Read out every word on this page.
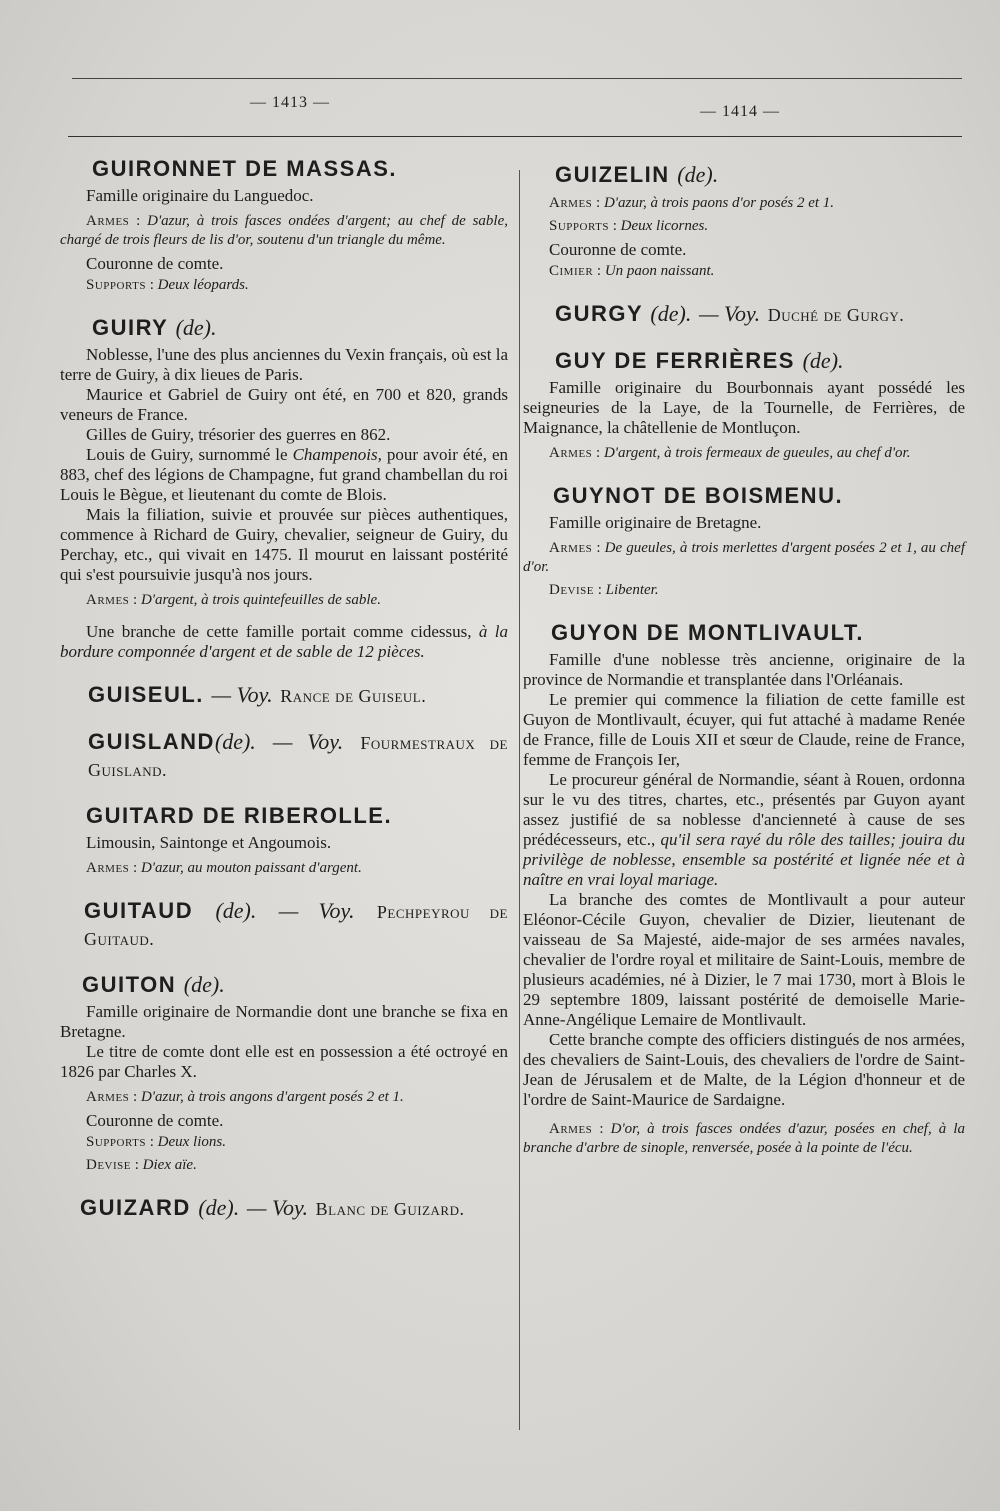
— 1413 —
— 1414 —
GUIRONNET DE MASSAS.

Famille originaire du Languedoc.

Armes : D'azur, à trois fasces ondées d'argent; au chef de sable, chargé de trois fleurs de lis d'or, soutenu d'un triangle du même.

Couronne de comte.

Supports : Deux léopards.

GUIRY (de).

Noblesse, l'une des plus anciennes du Vexin français, où est la terre de Guiry, à dix lieues de Paris.

Maurice et Gabriel de Guiry ont été, en 700 et 820, grands veneurs de France.

Gilles de Guiry, trésorier des guerres en 862.

Louis de Guiry, surnommé le Champenois, pour avoir été, en 883, chef des légions de Champagne, fut grand chambellan du roi Louis le Bègue, et lieutenant du comte de Blois.

Mais la filiation, suivie et prouvée sur pièces authentiques, commence à Richard de Guiry, chevalier, seigneur de Guiry, du Perchay, etc., qui vivait en 1475. Il mourut en laissant postérité qui s'est poursuivie jusqu'à nos jours.

Armes : D'argent, à trois quintefeuilles de sable.

Une branche de cette famille portait comme cidessus, à la bordure componnée d'argent et de sable de 12 pièces.

GUISEUL. — Voy. Rance de Guiseul.
GUISLAND(de). — Voy. Fourmestraux de Guisland.
GUITARD DE RIBEROLLE.

Limousin, Saintonge et Angoumois.

Armes : D'azur, au mouton paissant d'argent.

GUITAUD (de). — Voy. Pechpeyrou de Guitaud.
GUITON (de).

Famille originaire de Normandie dont une branche se fixa en Bretagne.

Le titre de comte dont elle est en possession a été octroyé en 1826 par Charles X.

Armes : D'azur, à trois angons d'argent posés 2 et 1.

Couronne de comte.

Supports : Deux lions.

Devise : Diex aïe.

GUIZARD (de). — Voy. Blanc de Guizard.
GUIZELIN (de).

Armes : D'azur, à trois paons d'or posés 2 et 1.

Supports : Deux licornes.

Couronne de comte.

Cimier : Un paon naissant.

GURGY (de). — Voy. Duché de Gurgy.
GUY DE FERRIÈRES (de).

Famille originaire du Bourbonnais ayant possédé les seigneuries de la Laye, de la Tournelle, de Ferrières, de Maignance, la châtellenie de Montluçon.

Armes : D'argent, à trois fermeaux de gueules, au chef d'or.

GUYNOT DE BOISMENU.

Famille originaire de Bretagne.

Armes : De gueules, à trois merlettes d'argent posées 2 et 1, au chef d'or.

Devise : Libenter.

GUYON DE MONTLIVAULT.

Famille d'une noblesse très ancienne, originaire de la province de Normandie et transplantée dans l'Orléanais.

Le premier qui commence la filiation de cette famille est Guyon de Montlivault, écuyer, qui fut attaché à madame Renée de France, fille de Louis XII et sœur de Claude, reine de France, femme de François Ier,

Le procureur général de Normandie, séant à Rouen, ordonna sur le vu des titres, chartes, etc., présentés par Guyon ayant assez justifié de sa noblesse d'ancienneté à cause de ses prédécesseurs, etc., qu'il sera rayé du rôle des tailles; jouira du privilège de noblesse, ensemble sa postérité et lignée née et à naître en vrai loyal mariage.

La branche des comtes de Montlivault a pour auteur Eléonor-Cécile Guyon, chevalier de Dizier, lieutenant de vaisseau de Sa Majesté, aide-major de ses armées navales, chevalier de l'ordre royal et militaire de Saint-Louis, membre de plusieurs académies, né à Dizier, le 7 mai 1730, mort à Blois le 29 septembre 1809, laissant postérité de demoiselle Marie-Anne-Angélique Lemaire de Montlivault.

Cette branche compte des officiers distingués de nos armées, des chevaliers de Saint-Louis, des chevaliers de l'ordre de Saint-Jean de Jérusalem et de Malte, de la Légion d'honneur et de l'ordre de Saint-Maurice de Sardaigne.

Armes : D'or, à trois fasces ondées d'azur, posées en chef, à la branche d'arbre de sinople, renversée, posée à la pointe de l'écu.
